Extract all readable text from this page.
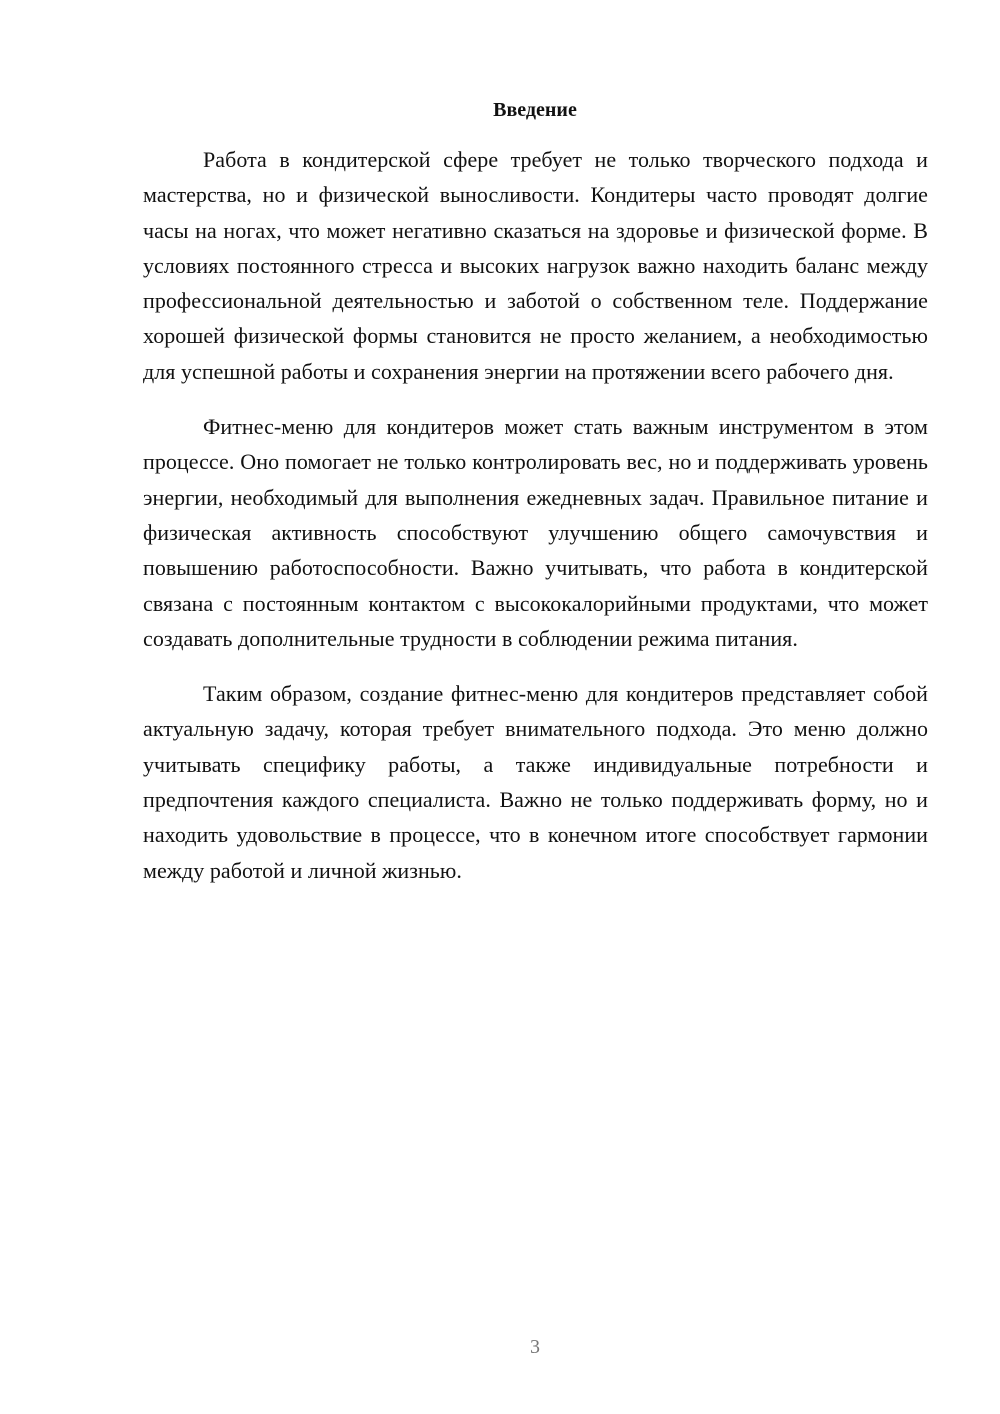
Введение

Работа в кондитерской сфере требует не только творческого подхода и мастерства, но и физической выносливости. Кондитеры часто проводят долгие часы на ногах, что может негативно сказаться на здоровье и физической форме. В условиях постоянного стресса и высоких нагрузок важно находить баланс между профессиональной деятельностью и заботой о собственном теле. Поддержание хорошей физической формы становится не просто желанием, а необходимостью для успешной работы и сохранения энергии на протяжении всего рабочего дня.

Фитнес-меню для кондитеров может стать важным инструментом в этом процессе. Оно помогает не только контролировать вес, но и поддерживать уровень энергии, необходимый для выполнения ежедневных задач. Правильное питание и физическая активность способствуют улучшению общего самочувствия и повышению работоспособности. Важно учитывать, что работа в кондитерской связана с постоянным контактом с высококалорийными продуктами, что может создавать дополнительные трудности в соблюдении режима питания.

Таким образом, создание фитнес-меню для кондитеров представляет собой актуальную задачу, которая требует внимательного подхода. Это меню должно учитывать специфику работы, а также индивидуальные потребности и предпочтения каждого специалиста. Важно не только поддерживать форму, но и находить удовольствие в процессе, что в конечном итоге способствует гармонии между работой и личной жизнью.

3
